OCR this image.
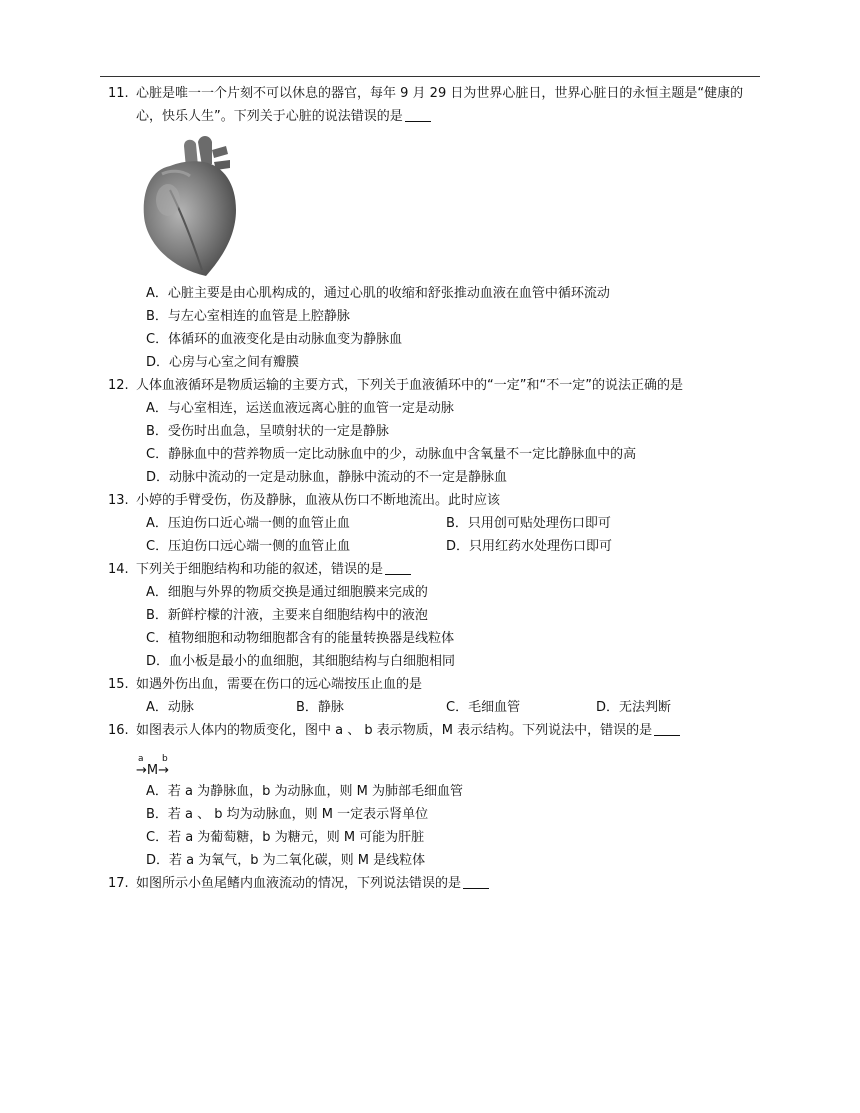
11. 心脏是唯一一个片刻不可以休息的器官，每年 9 月 29 日为世界心脏日，世界心脏日的永恒主题是“健康的心，快乐人生”。下列关于心脏的说法错误的是
A．心脏主要是由心肌构成的，通过心肌的收缩和舒张推动血液在血管中循环流动
B．与左心室相连的血管是上腔静脉
C．体循环的血液变化是由动脉血变为静脉血
D．心房与心室之间有瓣膜
12. 人体血液循环是物质运输的主要方式，下列关于血液循环中的“一定”和“不一定”的说法正确的是
A．与心室相连，运送血液远离心脏的血管一定是动脉
B．受伤时出血急，呈喷射状的一定是静脉
C．静脉血中的营养物质一定比动脉血中的少，动脉血中含氧量不一定比静脉血中的高
D．动脉中流动的一定是动脉血，静脉中流动的不一定是静脉血
13. 小婷的手臂受伤，伤及静脉，血液从伤口不断地流出。此时应该
A．压迫伤口近心端一侧的血管止血	B．只用创可贴处理伤口即可
C．压迫伤口远心端一侧的血管止血	D．只用红药水处理伤口即可
14. 下列关于细胞结构和功能的叙述，错误的是
A．细胞与外界的物质交换是通过细胞膜来完成的
B．新鲜柠檬的汁液，主要来自细胞结构中的液泡
C．植物细胞和动物细胞都含有的能量转换器是线粒体
D．血小板是最小的血细胞，其细胞结构与白细胞相同
15. 如遇外伤出血，需要在伤口的远心端按压止血的是
A．动脉	B．静脉	C．毛细血管	D．无法判断
16. 如图表示人体内的物质变化，图中 a 、 b 表示物质，M 表示结构。下列说法中，错误的是
a b
→M→
A．若 a 为静脉血，b 为动脉血，则 M 为肺部毛细血管
B．若 a 、 b 均为动脉血，则 M 一定表示肾单位
C．若 a 为葡萄糖，b 为糖元，则 M 可能为肝脏
D．若 a 为氧气，b 为二氧化碳，则 M 是线粒体
17. 如图所示小鱼尾鳍内血液流动的情况，下列说法错误的是
